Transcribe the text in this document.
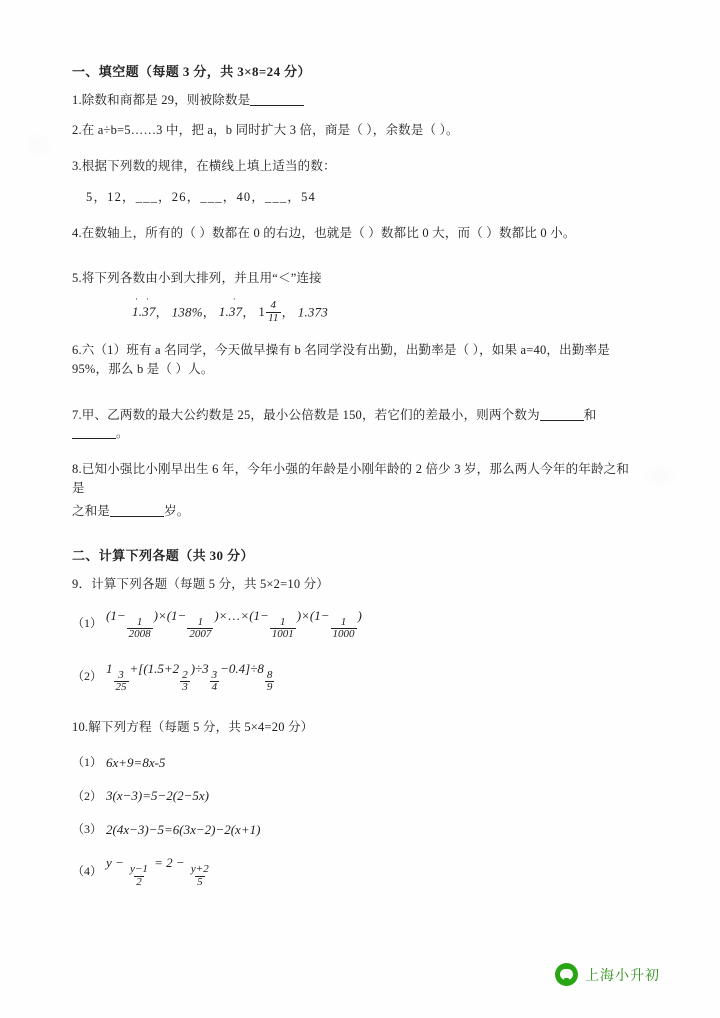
一、填空题（每题 3 分，共 3×8=24 分）
1.除数和商都是 29，则被除数是
2.在 a÷b=5……3 中，把 a，b 同时扩大 3 倍，商是（ ），余数是（ ）。
3.根据下列数的规律，在横线上填上适当的数：
5，12，___，26，___，40，___，54
4.在数轴上，所有的（ ）数都在 0 的右边，也就是（ ）数都比 0 大，而（ ）数都比 0 小。
5.将下列各数由小到大排列，并且用“＜”连接
· ·
1.37， 138%，
·
1.37， $1 \frac{4}{11}$ ， 1.373
6.六（1）班有 a 名同学，今天做早操有 b 名同学没有出勤，出勤率是（ ），如果 a=40，出勤率是 95%，那么 b 是（ ）人。
7.甲、乙两数的最大公约数是 25，最小公倍数是 150，若它们的差最小，则两个数为	和。
8.已知小强比小刚早出生 6 年，今年小强的年龄是小刚年龄的 2 倍少 3 岁，那么两人今年的年龄之和是
之和是	岁。
二、计算下列各题（共 30 分）
9．计算下列各题（每题 5 分，共 5×2=10 分）
（1）
(1−
$\frac{1}{2008}$
)×(1−
$\frac{1}{2007}$
)×…×(1−
$\frac{1}{1001}$
)×(1−
$\frac{1}{1000}$
)
（2）
1
$\frac{3}{25}$
+[(1.5+2
$\frac{2}{3}$
)÷3
$\frac{3}{4}$
−0.4]÷8
$\frac{8}{9}$
10.解下列方程（每题 5 分，共 5×4=20 分）
（1） 6x+9=8x-5
（2） 3(x−3)=5−2(2−5x)
（3） 2(4x−3)−5=6(3x−2)−2(x+1)
（4）
y −
$\frac{y-1}{2}$
= 2 −
$\frac{y+2}{5}$
上海小升初
